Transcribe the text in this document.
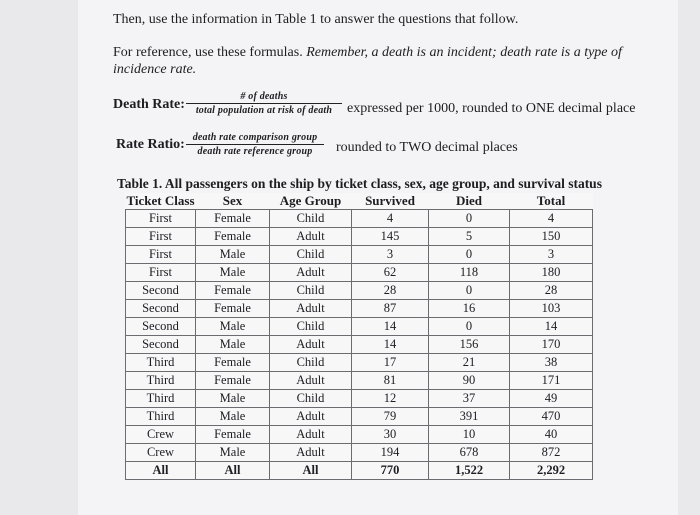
Then, use the information in Table 1 to answer the questions that follow.
For reference, use these formulas. Remember, a death is an incident; death rate is a type of incidence rate.
Death Rate:
# of deaths
total population at risk of death	expressed per 1000, rounded to ONE decimal place
Rate Ratio: death rate comparison group
death rate reference group	rounded to TWO decimal places
Table 1. All passengers on the ship by ticket class, sex, age group, and survival status
Ticket Class	Sex	Age Group	Survived	Died	Total
First	Female	Child	4	0	4
First	Female	Adult	145	5	150
First	Male	Child	3	0	3
First	Male	Adult	62	118	180
Second	Female	Child	28	0	28
Second	Female	Adult	87	16	103
Second	Male	Child	14	0	14
Second	Male	Adult	14	156	170
Third	Female	Child	17	21	38
Third	Female	Adult	81	90	171
Third	Male	Child	12	37	49
Third	Male	Adult	79	391	470
Crew	Female	Adult	30	10	40
Crew	Male	Adult	194	678	872
All	All	All	770	1,522	2,292
